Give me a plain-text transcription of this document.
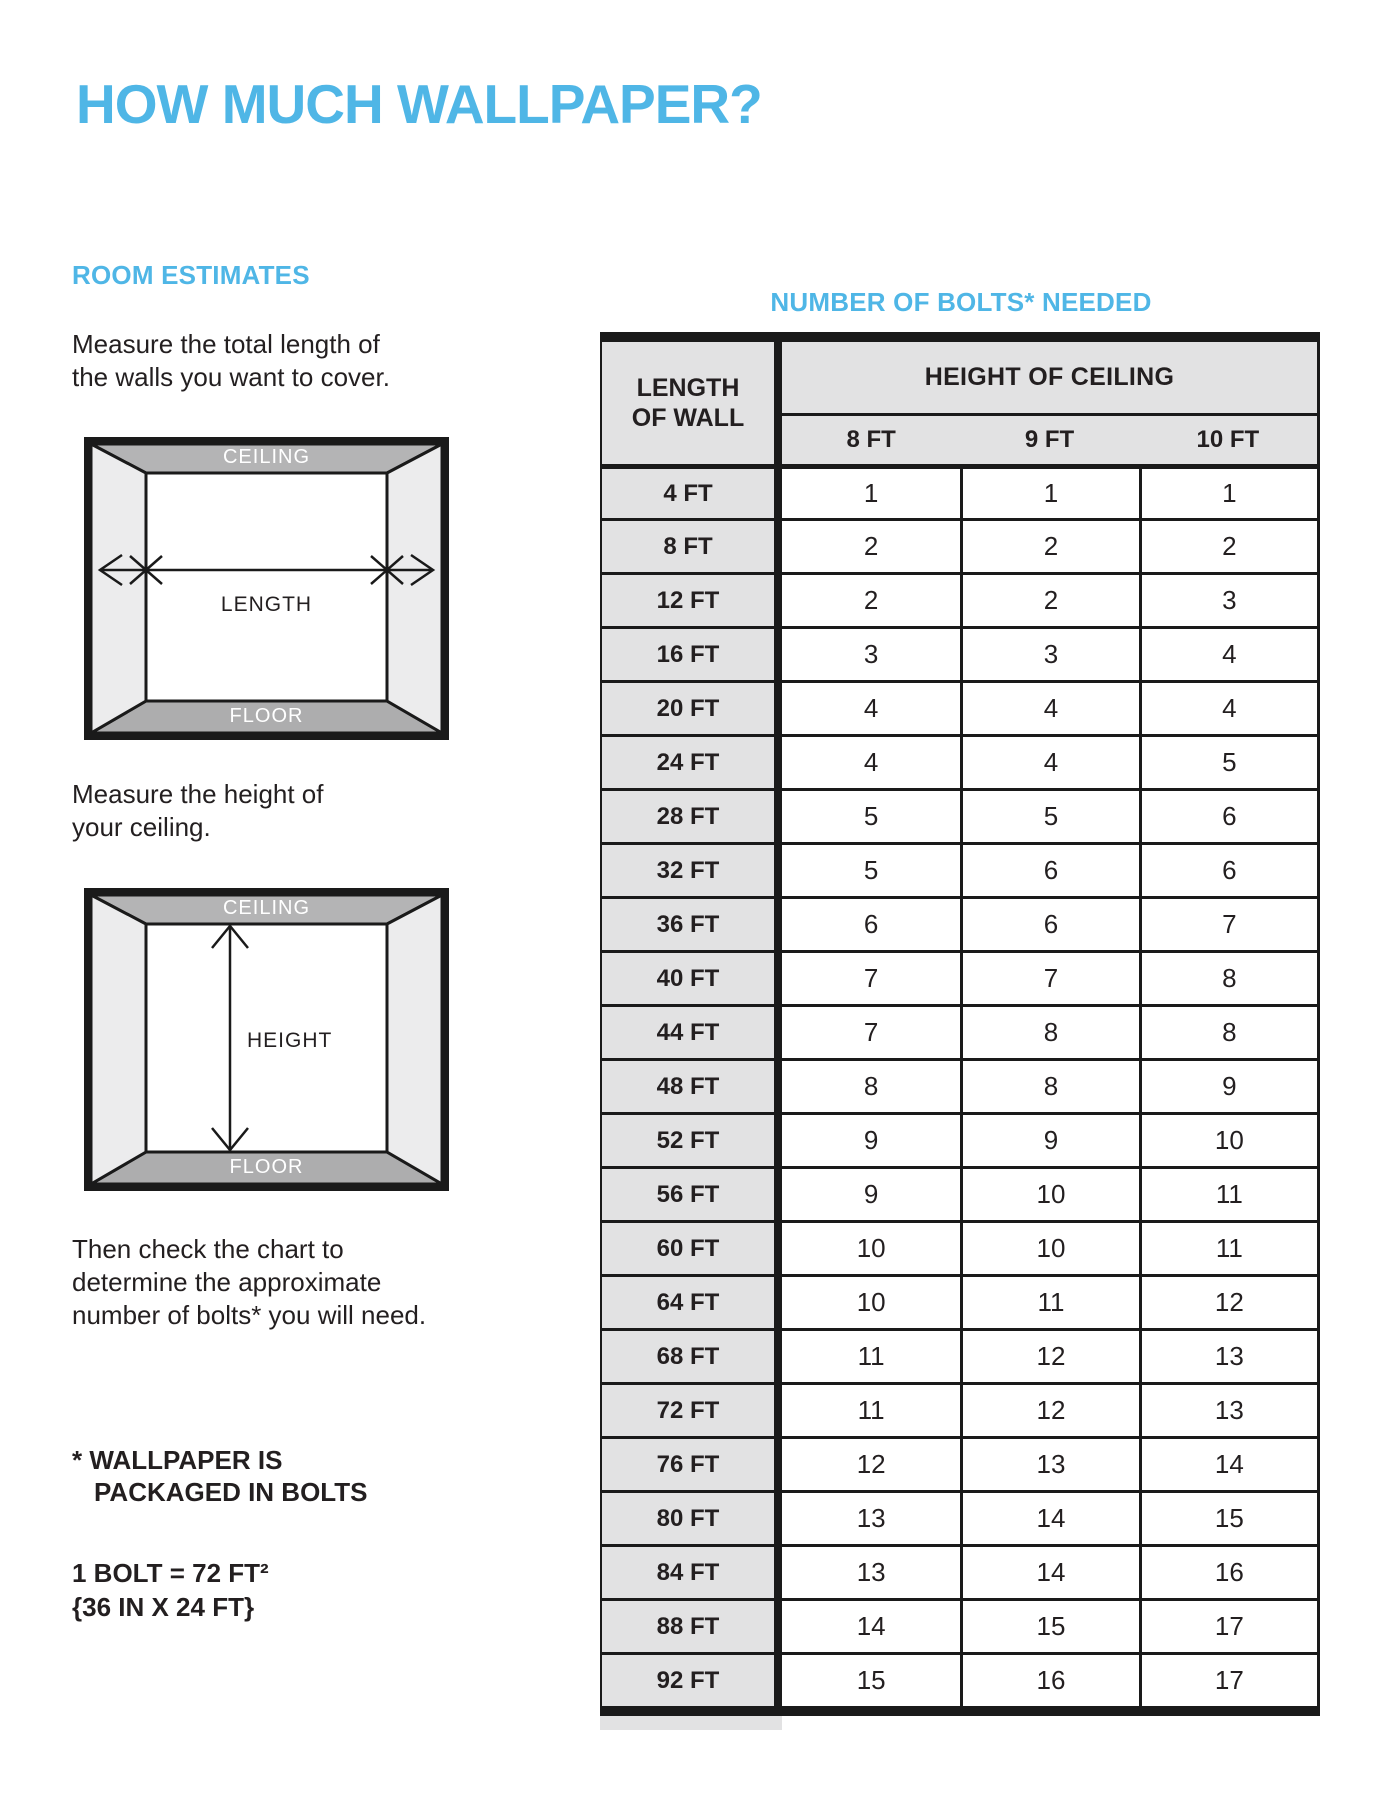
HOW MUCH WALLPAPER?
ROOM ESTIMATES
Measure the total length of
the walls you want to cover.
CEILING
FLOOR
LENGTH
Measure the height of
your ceiling.
CEILING
FLOOR
HEIGHT
Then check the chart to
determine the approximate
number of bolts* you will need.
* WALLPAPER IS
PACKAGED IN BOLTS
1 BOLT = 72 FT²
{36 IN X 24 FT}
NUMBER OF BOLTS* NEEDED
LENGTH
OF WALL
HEIGHT OF CEILING
8 FT	9 FT	10 FT
4 FT	1	1	1
8 FT	2	2	2
12 FT	2	2	3
16 FT	3	3	4
20 FT	4	4	4
24 FT	4	4	5
28 FT	5	5	6
32 FT	5	6	6
36 FT	6	6	7
40 FT	7	7	8
44 FT	7	8	8
48 FT	8	8	9
52 FT	9	9	10
56 FT	9	10	11
60 FT	10	10	11
64 FT	10	11	12
68 FT	11	12	13
72 FT	11	12	13
76 FT	12	13	14
80 FT	13	14	15
84 FT	13	14	16
88 FT	14	15	17
92 FT	15	16	17
